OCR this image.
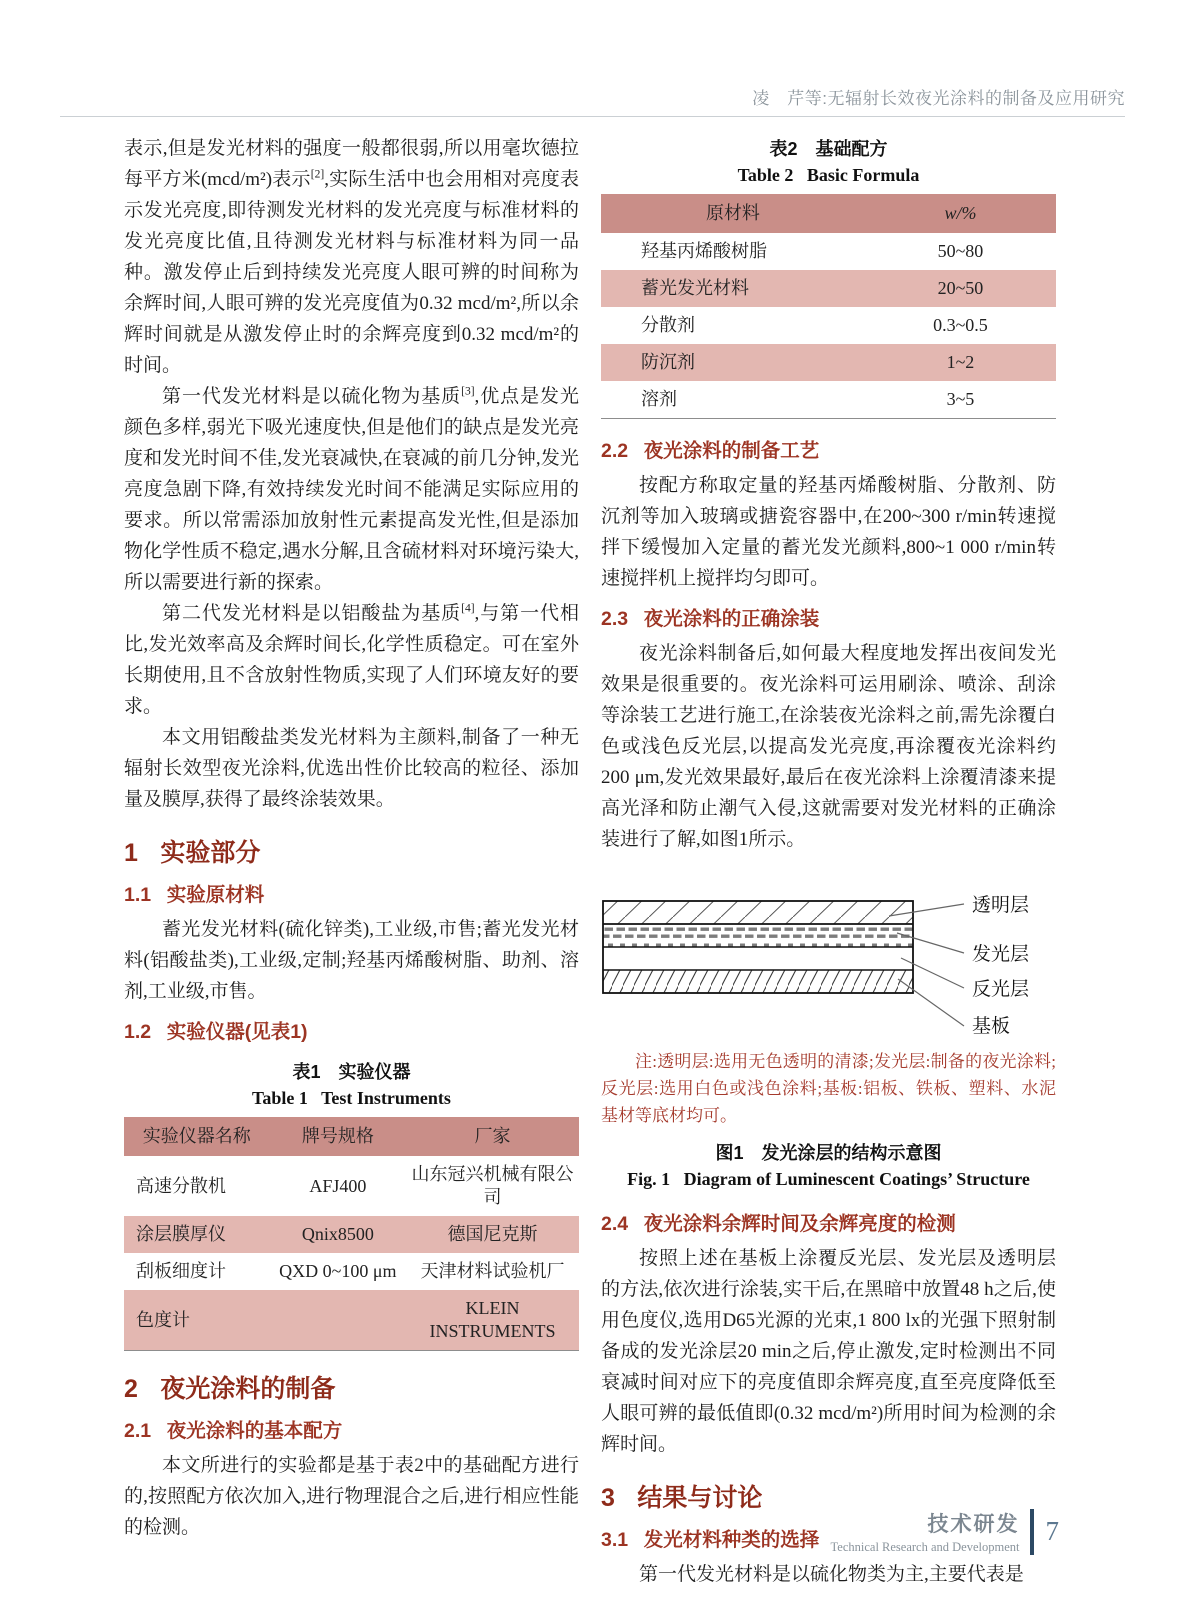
凌　芹等:无辐射长效夜光涂料的制备及应用研究

表示,但是发光材料的强度一般都很弱,所以用毫坎德拉每平方米(mcd/m²)表示[2],实际生活中也会用相对亮度表示发光亮度,即待测发光材料的发光亮度与标准材料的发光亮度比值,且待测发光材料与标准材料为同一品种。激发停止后到持续发光亮度人眼可辨的时间称为余辉时间,人眼可辨的发光亮度值为0.32 mcd/m²,所以余辉时间就是从激发停止时的余辉亮度到0.32 mcd/m²的时间。

第一代发光材料是以硫化物为基质[3],优点是发光颜色多样,弱光下吸光速度快,但是他们的缺点是发光亮度和发光时间不佳,发光衰减快,在衰减的前几分钟,发光亮度急剧下降,有效持续发光时间不能满足实际应用的要求。所以常需添加放射性元素提高发光性,但是添加物化学性质不稳定,遇水分解,且含硫材料对环境污染大,所以需要进行新的探索。

第二代发光材料是以铝酸盐为基质[4],与第一代相比,发光效率高及余辉时间长,化学性质稳定。可在室外长期使用,且不含放射性物质,实现了人们环境友好的要求。

本文用铝酸盐类发光材料为主颜料,制备了一种无辐射长效型夜光涂料,优选出性价比较高的粒径、添加量及膜厚,获得了最终涂装效果。

1 实验部分
1.1 实验原材料

蓄光发光材料(硫化锌类),工业级,市售;蓄光发光材料(铝酸盐类),工业级,定制;羟基丙烯酸树脂、助剂、溶剂,工业级,市售。

1.2 实验仪器(见表1)
表1　实验仪器
Table 1   Test Instruments
实验仪器名称	牌号规格	厂家
高速分散机	AFJ400	山东冠兴机械有限公司
涂层膜厚仪	Qnix8500	德国尼克斯
刮板细度计	QXD 0~100 μm	天津材料试验机厂
色度计		KLEIN INSTRUMENTS
2 夜光涂料的制备
2.1 夜光涂料的基本配方

本文所进行的实验都是基于表2中的基础配方进行的,按照配方依次加入,进行物理混合之后,进行相应性能的检测。

表2　基础配方
Table 2   Basic Formula
原材料	w/%
羟基丙烯酸树脂	50~80
蓄光发光材料	20~50
分散剂	0.3~0.5
防沉剂	1~2
溶剂	3~5
2.2 夜光涂料的制备工艺

按配方称取定量的羟基丙烯酸树脂、分散剂、防沉剂等加入玻璃或搪瓷容器中,在200~300 r/min转速搅拌下缓慢加入定量的蓄光发光颜料,800~1 000 r/min转速搅拌机上搅拌均匀即可。

2.3 夜光涂料的正确涂装

夜光涂料制备后,如何最大程度地发挥出夜间发光效果是很重要的。夜光涂料可运用刷涂、喷涂、刮涂等涂装工艺进行施工,在涂装夜光涂料之前,需先涂覆白色或浅色反光层,以提高发光亮度,再涂覆夜光涂料约200 μm,发光效果最好,最后在夜光涂料上涂覆清漆来提高光泽和防止潮气入侵,这就需要对发光材料的正确涂装进行了解,如图1所示。

透明层
发光层
反光层
基板

注:透明层:选用无色透明的清漆;发光层:制备的夜光涂料;反光层:选用白色或浅色涂料;基板:铝板、铁板、塑料、水泥基材等底材均可。

图1　发光涂层的结构示意图
Fig. 1   Diagram of Luminescent Coatings’ Structure
2.4 夜光涂料余辉时间及余辉亮度的检测

按照上述在基板上涂覆反光层、发光层及透明层的方法,依次进行涂装,实干后,在黑暗中放置48 h之后,使用色度仪,选用D65光源的光束,1 800 lx的光强下照射制备成的发光涂层20 min之后,停止激发,定时检测出不同衰减时间对应下的亮度值即余辉亮度,直至亮度降低至人眼可辨的最低值即(0.32 mcd/m²)所用时间为检测的余辉时间。

3 结果与讨论
3.1 发光材料种类的选择

第一代发光材料是以硫化物类为主,主要代表是

技术研发
Technical Research and Development
7
